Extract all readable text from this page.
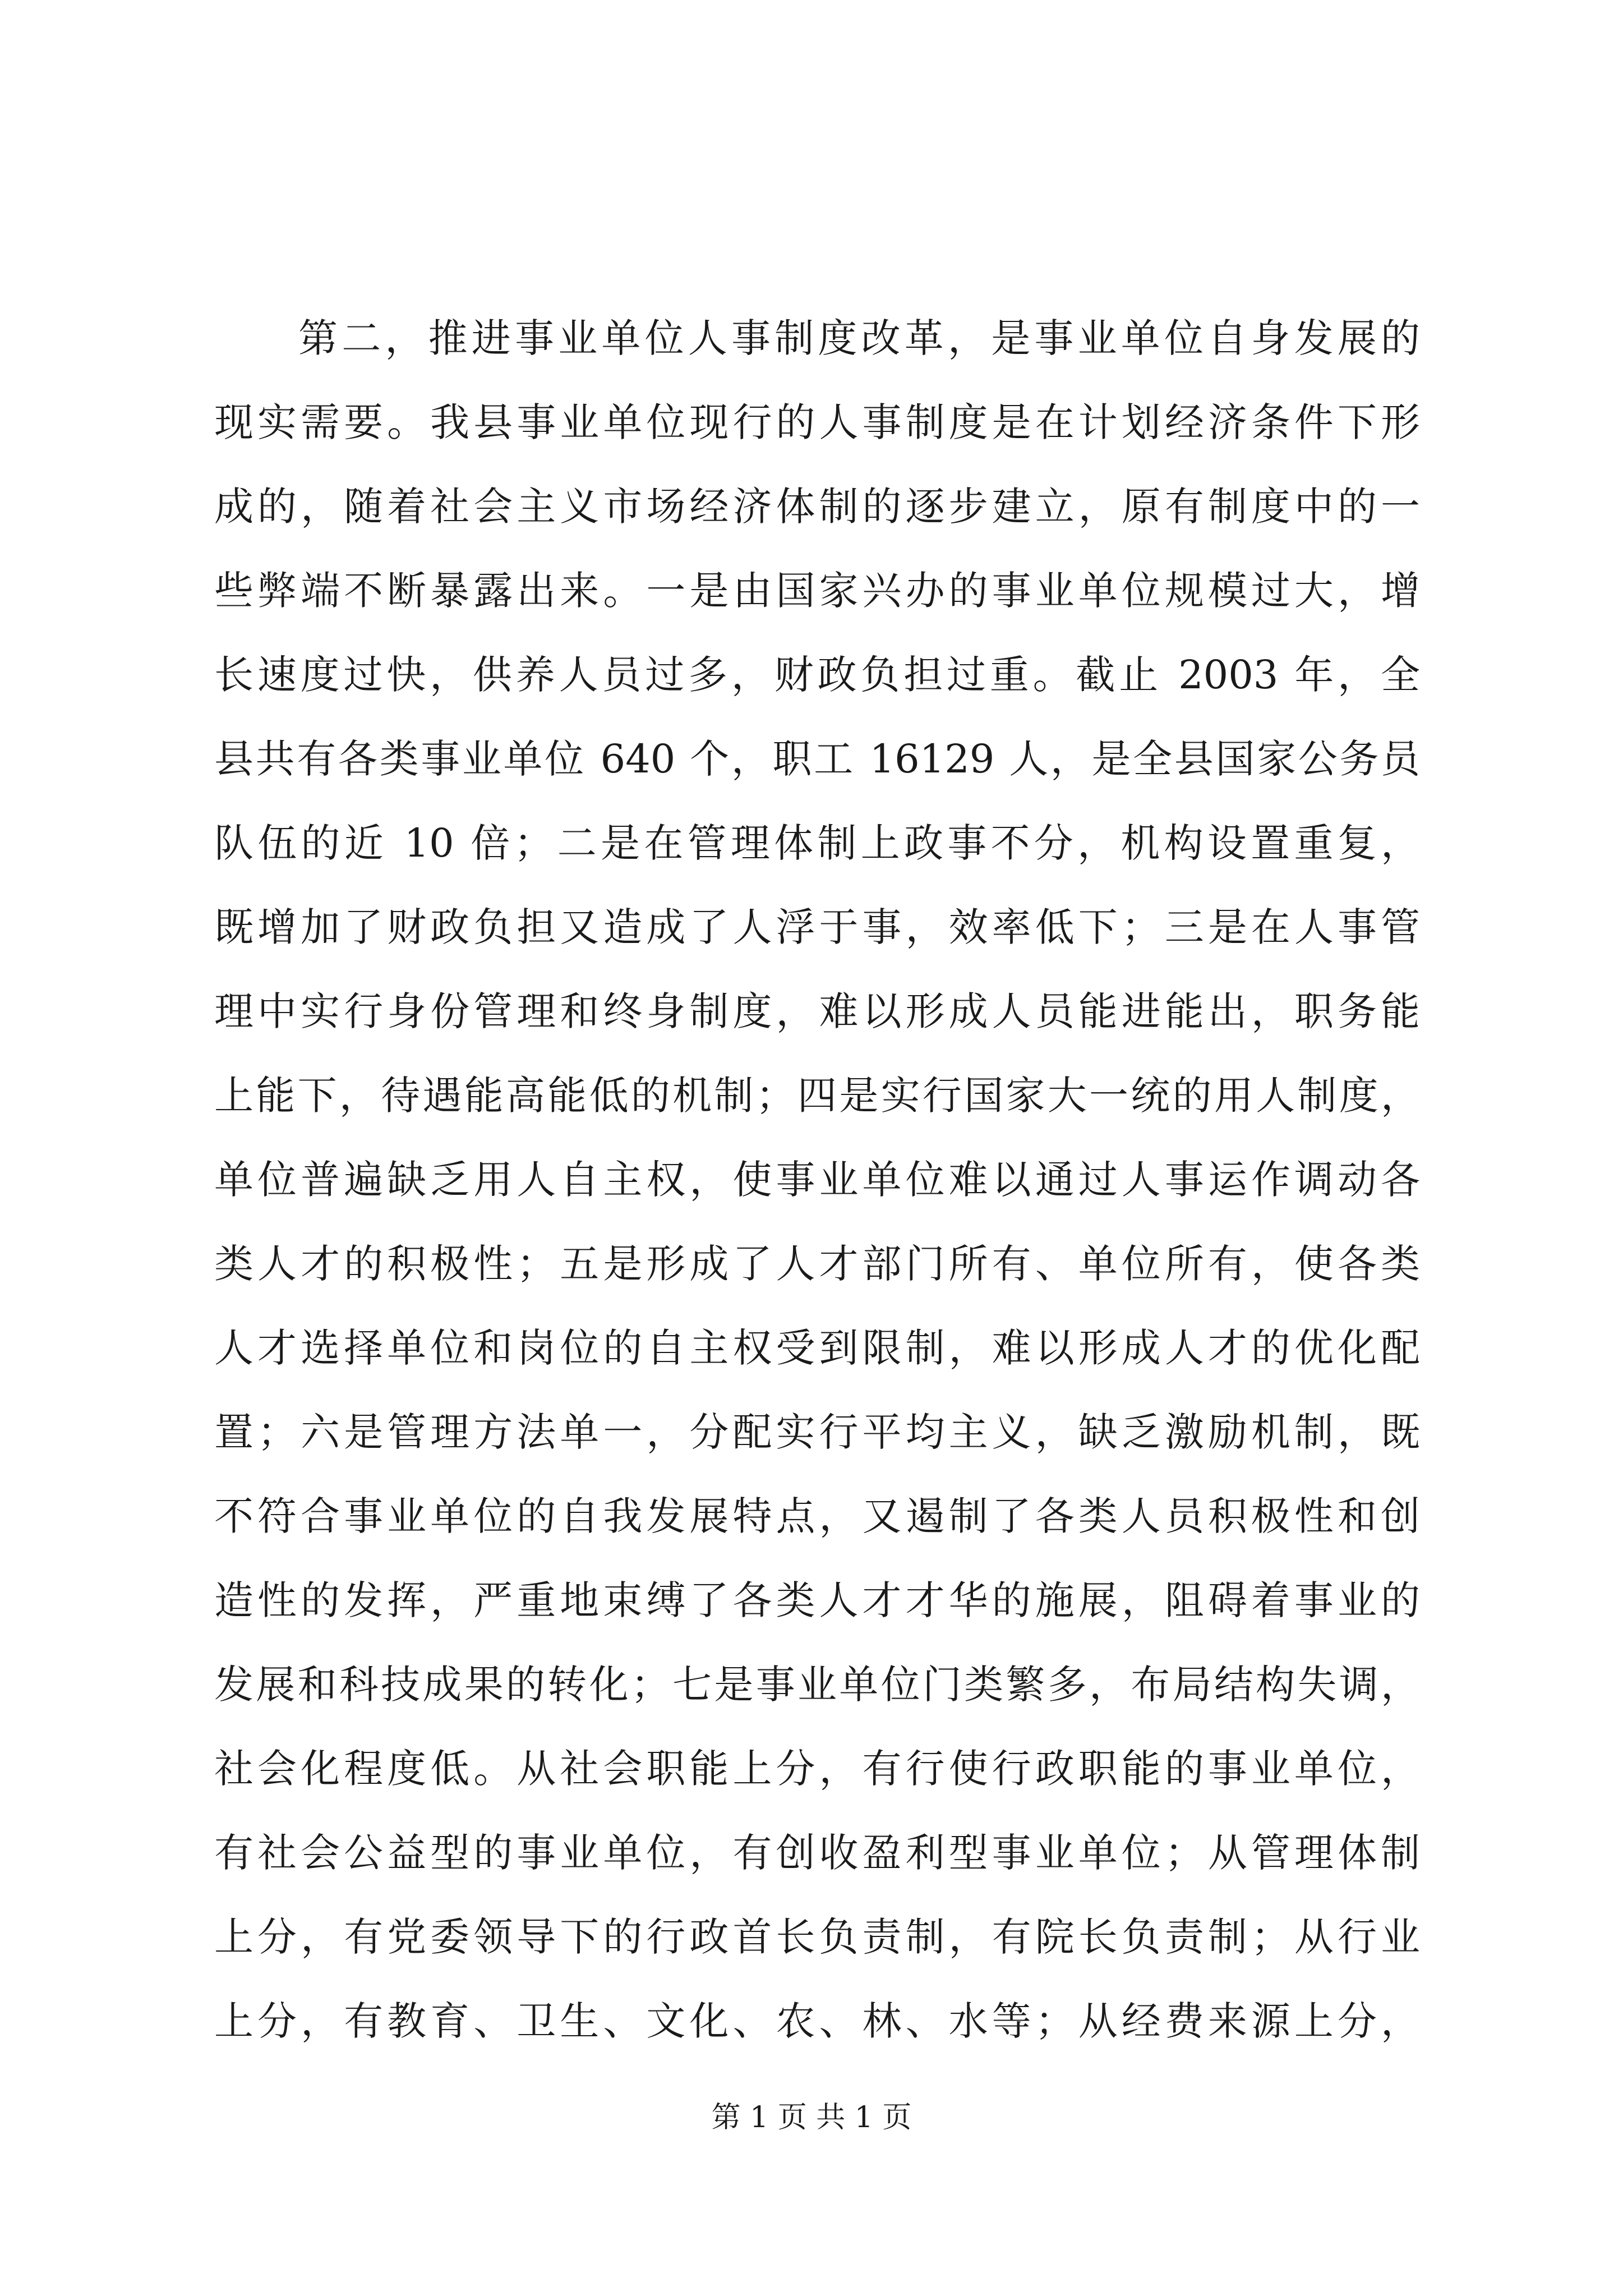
第二，推进事业单位人事制度改革，是事业单位自身发展的
现实需要。我县事业单位现行的人事制度是在计划经济条件下形
成的，随着社会主义市场经济体制的逐步建立，原有制度中的一
些弊端不断暴露出来。一是由国家兴办的事业单位规模过大，增
长速度过快，供养人员过多，财政负担过重。截止 2003 年，全
县共有各类事业单位 640 个，职工 16129 人，是全县国家公务员
队伍的近 10 倍；二是在管理体制上政事不分，机构设置重复，
既增加了财政负担又造成了人浮于事，效率低下；三是在人事管
理中实行身份管理和终身制度，难以形成人员能进能出，职务能
上能下，待遇能高能低的机制；四是实行国家大一统的用人制度，
单位普遍缺乏用人自主权，使事业单位难以通过人事运作调动各
类人才的积极性；五是形成了人才部门所有、单位所有，使各类
人才选择单位和岗位的自主权受到限制，难以形成人才的优化配
置；六是管理方法单一，分配实行平均主义，缺乏激励机制，既
不符合事业单位的自我发展特点，又遏制了各类人员积极性和创
造性的发挥，严重地束缚了各类人才才华的施展，阻碍着事业的
发展和科技成果的转化；七是事业单位门类繁多，布局结构失调，
社会化程度低。从社会职能上分，有行使行政职能的事业单位，
有社会公益型的事业单位，有创收盈利型事业单位；从管理体制
上分，有党委领导下的行政首长负责制，有院长负责制；从行业
上分，有教育、卫生、文化、农、林、水等；从经费来源上分，
第 1 页 共 1 页
